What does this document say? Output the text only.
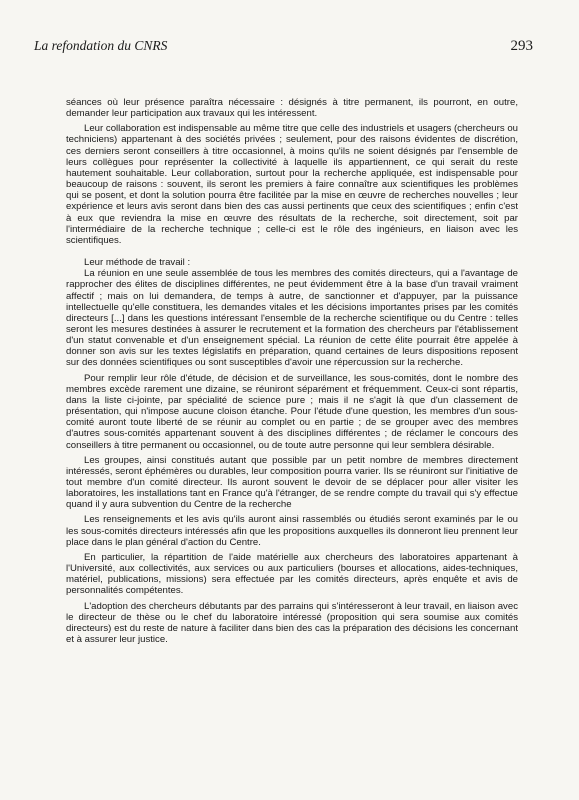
La refondation du CNRS	293

séances où leur présence paraîtra nécessaire : désignés à titre permanent, ils pourront, en outre, demander leur participation aux travaux qui les intéressent.

Leur collaboration est indispensable au même titre que celle des industriels et usagers (chercheurs ou techniciens) appartenant à des sociétés privées ; seulement, pour des raisons évidentes de discrétion, ces derniers seront conseillers à titre occasionnel, à moins qu'ils ne soient désignés par l'ensemble de leurs collègues pour représenter la collectivité à laquelle ils appartiennent, ce qui serait du reste hautement souhaitable. Leur collaboration, surtout pour la recherche appliquée, est indispensable pour beaucoup de raisons : souvent, ils seront les premiers à faire connaître aux scientifiques les problèmes qui se posent, et dont la solution pourra être facilitée par la mise en œuvre de recherches nouvelles ; leur expérience et leurs avis seront dans bien des cas aussi pertinents que ceux des scientifiques ; enfin c'est à eux que reviendra la mise en œuvre des résultats de la recherche, soit directement, soit par l'intermédiaire de la recherche technique ; celle-ci est le rôle des ingénieurs, en liaison avec les scientifiques.

Leur méthode de travail :

La réunion en une seule assemblée de tous les membres des comités directeurs, qui a l'avantage de rapprocher des élites de disciplines différentes, ne peut évidemment être à la base d'un travail vraiment affectif ; mais on lui demandera, de temps à autre, de sanctionner et d'appuyer, par la puissance intellectuelle qu'elle constituera, les demandes vitales et les décisions importantes prises par les comités directeurs [...] dans les questions intéressant l'ensemble de la recherche scientifique ou du Centre : telles seront les mesures destinées à assurer le recrutement et la formation des chercheurs par l'établissement d'un statut convenable et d'un enseignement spécial. La réunion de cette élite pourrait être appelée à donner son avis sur les textes législatifs en préparation, quand certaines de leurs dispositions reposent sur des données scientifiques ou sont susceptibles d'avoir une répercussion sur la recherche.

Pour remplir leur rôle d'étude, de décision et de surveillance, les sous-comités, dont le nombre des membres excède rarement une dizaine, se réuniront séparément et fréquemment. Ceux-ci sont répartis, dans la liste ci-jointe, par spécialité de science pure ; mais il ne s'agit là que d'un classement de présentation, qui n'impose aucune cloison étanche. Pour l'étude d'une question, les membres d'un sous-comité auront toute liberté de se réunir au complet ou en partie ; de se grouper avec des membres d'autres sous-comités appartenant souvent à des disciplines différentes ; de réclamer le concours des conseillers à titre permanent ou occasionnel, ou de toute autre personne qui leur semblera désirable.

Les groupes, ainsi constitués autant que possible par un petit nombre de membres directement intéressés, seront éphémères ou durables, leur composition pourra varier. Ils se réuniront sur l'initiative de tout membre d'un comité directeur. Ils auront souvent le devoir de se déplacer pour aller visiter les laboratoires, les installations tant en France qu'à l'étranger, de se rendre compte du travail qui s'y effectue quand il y aura subvention du Centre de la recherche

Les renseignements et les avis qu'ils auront ainsi rassemblés ou étudiés seront examinés par le ou les sous-comités directeurs intéressés afin que les propositions auxquelles ils donneront lieu prennent leur place dans le plan général d'action du Centre.

En particulier, la répartition de l'aide matérielle aux chercheurs des laboratoires appartenant à l'Université, aux collectivités, aux services ou aux particuliers (bourses et allocations, aides-techniques, matériel, publications, missions) sera effectuée par les comités directeurs, après enquête et avis de personnalités compétentes.

L'adoption des chercheurs débutants par des parrains qui s'intéresseront à leur travail, en liaison avec le directeur de thèse ou le chef du laboratoire intéressé (proposition qui sera soumise aux comités directeurs) est du reste de nature à faciliter dans bien des cas la préparation des décisions les concernant et à assurer leur justice.
